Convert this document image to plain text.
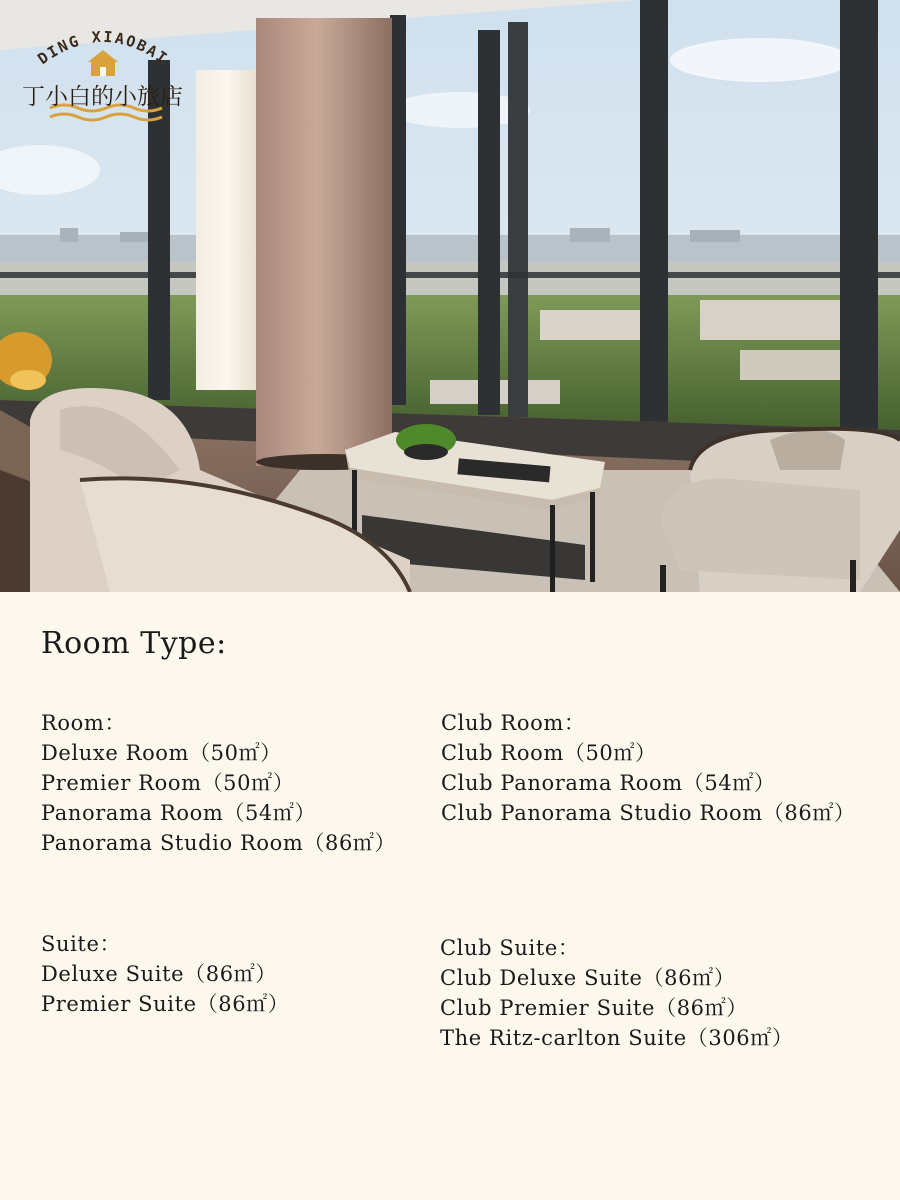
DING XIAOBAI
丁小白的小旅店
Room Type:
Room：
Deluxe Room（50㎡）
Premier Room（50㎡）
Panorama Room（54㎡）
Panorama Studio Room（86㎡）
Club Room：
Club Room（50㎡）
Club Panorama Room（54㎡）
Club Panorama Studio Room（86㎡）
Suite：
Deluxe Suite（86㎡）
Premier Suite（86㎡）
Club Suite：
Club Deluxe Suite（86㎡）
Club Premier Suite（86㎡）
The Ritz-carlton Suite（306㎡）
